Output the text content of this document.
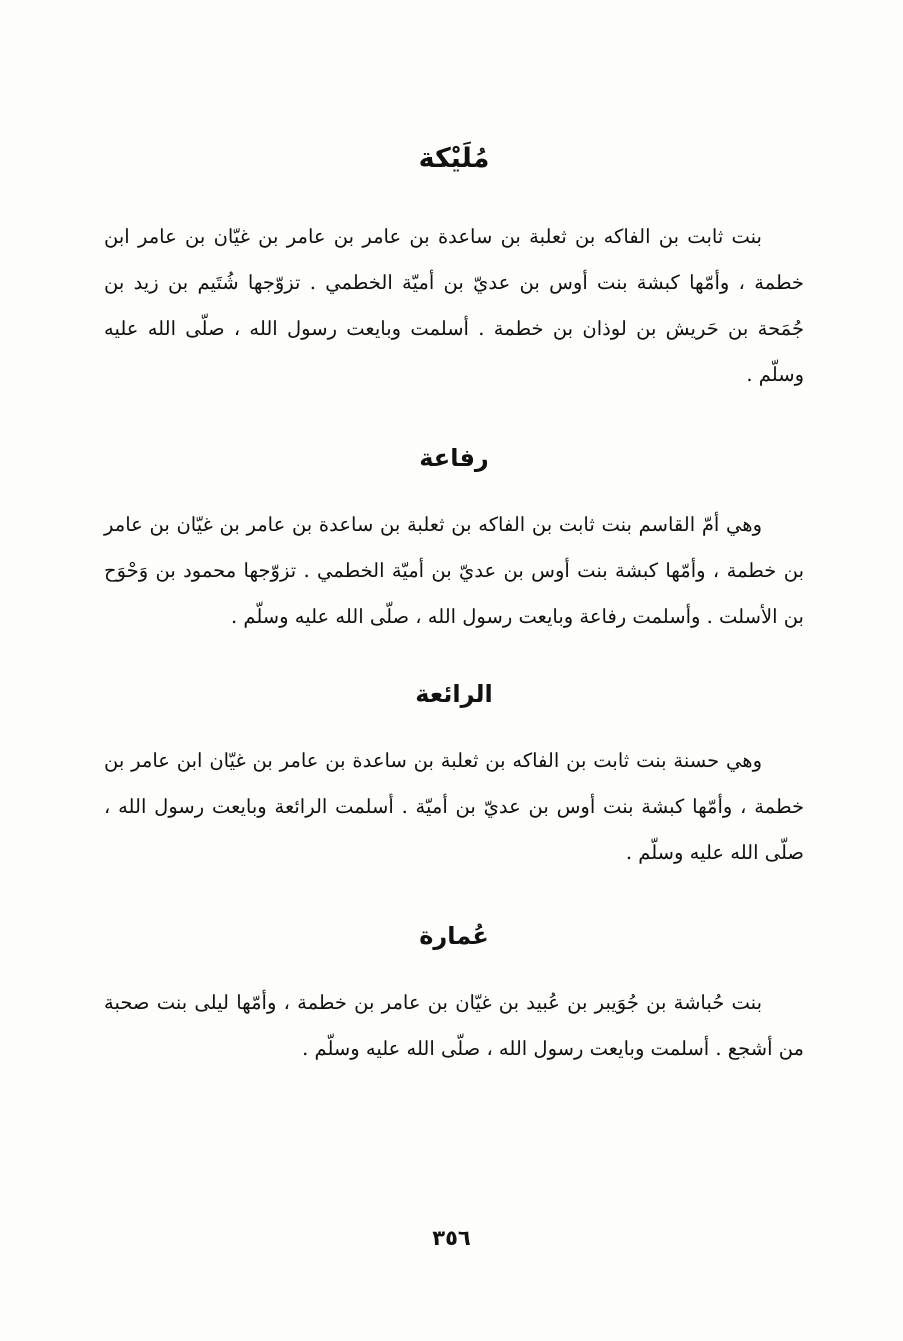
مُلَيْكة

بنت ثابت بن الفاكه بن ثعلبة بن ساعدة بن عامر بن عامر بن غيّان بن عامر ابن خطمة ، وأمّها كبشة بنت أوس بن عديّ بن أميّة الخطمي . تزوّجها شُتَيم بن زيد بن جُمَحة بن حَريش بن لوذان بن خطمة . أسلمت وبايعت رسول الله ، صلّى الله عليه وسلّم .

رفاعة

وهي أمّ القاسم بنت ثابت بن الفاكه بن ثعلبة بن ساعدة بن عامر بن غيّان بن عامر بن خطمة ، وأمّها كبشة بنت أوس بن عديّ بن أميّة الخطمي . تزوّجها محمود بن وَحْوَح بن الأسلت . وأسلمت رفاعة وبايعت رسول الله ، صلّى الله عليه وسلّم .

الرائعة

وهي حسنة بنت ثابت بن الفاكه بن ثعلبة بن ساعدة بن عامر بن غيّان ابن عامر بن خطمة ، وأمّها كبشة بنت أوس بن عديّ بن أميّة . أسلمت الرائعة وبايعت رسول الله ، صلّى الله عليه وسلّم .

عُمارة

بنت حُباشة بن جُوَيبر بن عُبيد بن غيّان بن عامر بن خطمة ، وأمّها ليلى بنت صحبة من أشجع . أسلمت وبايعت رسول الله ، صلّى الله عليه وسلّم .

٣٥٦
